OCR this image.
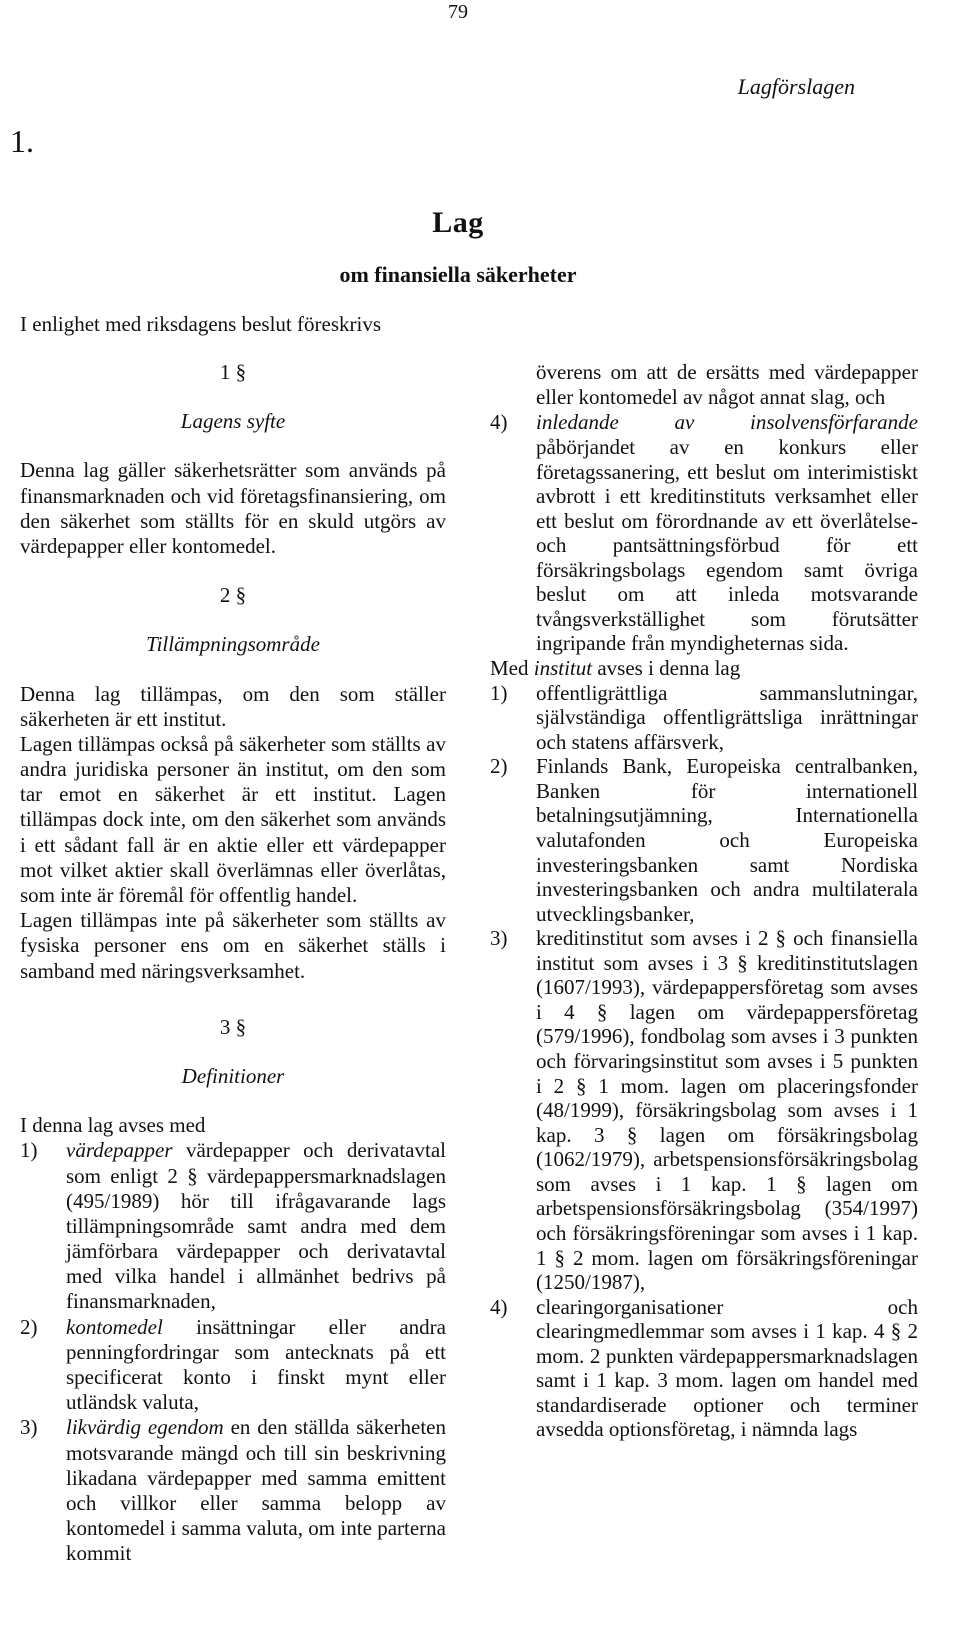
79
Lagförslagen
1.
Lag
om finansiella säkerheter
I enlighet med riksdagens beslut föreskrivs
1 §
Lagens syfte

Denna lag gäller säkerhetsrätter som används på finansmarknaden och vid företagsfinansiering, om den säkerhet som ställts för en skuld utgörs av värdepapper eller kontomedel.

2 §
Tillämpningsområde

Denna lag tillämpas, om den som ställer säkerheten är ett institut.

Lagen tillämpas också på säkerheter som ställts av andra juridiska personer än institut, om den som tar emot en säkerhet är ett institut. Lagen tillämpas dock inte, om den säkerhet som används i ett sådant fall är en aktie eller ett värdepapper mot vilket aktier skall överlämnas eller överlåtas, som inte är föremål för offentlig handel.

Lagen tillämpas inte på säkerheter som ställts av fysiska personer ens om en säkerhet ställs i samband med näringsverksamhet.

3 §
Definitioner

I denna lag avses med

1)	värdepapper värdepapper och derivatavtal som enligt 2 § värdepappersmarknadslagen (495/1989) hör till ifrågavarande lags tillämpningsområde samt andra med dem jämförbara värdepapper och derivatavtal med vilka handel i allmänhet bedrivs på finansmarknaden,
2)	kontomedel insättningar eller andra penningfordringar som antecknats på ett specificerat konto i finskt mynt eller utländsk valuta,
3)	likvärdig egendom en den ställda säkerheten motsvarande mängd och till sin beskrivning likadana värdepapper med samma emittent och villkor eller samma belopp av kontomedel i samma valuta, om inte parterna kommit
överens om att de ersätts med värdepapper eller kontomedel av något annat slag, och
4)	inledande av insolvensförfarande påbörjandet av en konkurs eller företagssanering, ett beslut om interimistiskt avbrott i ett kreditinstituts verksamhet eller ett beslut om förordnande av ett överlåtelse- och pantsättningsförbud för ett försäkringsbolags egendom samt övriga beslut om att inleda motsvarande tvångsverkställighet som förutsätter ingripande från myndigheternas sida.

Med institut avses i denna lag

1)	offentligrättliga sammanslutningar, självständiga offentligrättsliga inrättningar och statens affärsverk,
2)	Finlands Bank, Europeiska centralbanken, Banken för internationell betalningsutjämning, Internationella valutafonden och Europeiska investeringsbanken samt Nordiska investeringsbanken och andra multilaterala utvecklingsbanker,
3)	kreditinstitut som avses i 2 § och finansiella institut som avses i 3 § kreditinstitutslagen (1607/1993), värdepappersföretag som avses i 4 § lagen om värdepappersföretag (579/1996), fondbolag som avses i 3 punkten och förvaringsinstitut som avses i 5 punkten i 2 § 1 mom. lagen om placeringsfonder (48/1999), försäkringsbolag som avses i 1 kap. 3 § lagen om försäkringsbolag (1062/1979), arbetspensionsförsäkringsbolag som avses i 1 kap. 1 § lagen om arbetspensionsförsäkringsbolag (354/1997) och försäkringsföreningar som avses i 1 kap. 1 § 2 mom. lagen om försäkringsföreningar (1250/1987),
4)	clearingorganisationer och clearingmedlemmar som avses i 1 kap. 4 § 2 mom. 2 punkten värdepappersmarknadslagen samt i 1 kap. 3 mom. lagen om handel med standardiserade optioner och terminer avsedda optionsföretag, i nämnda lags
